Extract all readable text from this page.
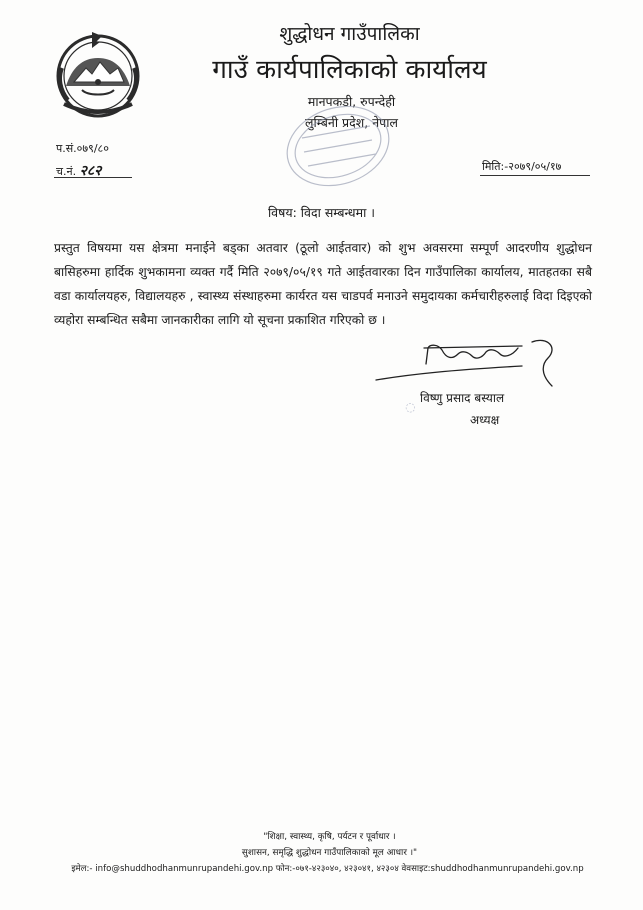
शुद्धोधन गाउँपालिका
गाउँ कार्यपालिकाको कार्यालय
मानपकडी, रुपन्देही
लुम्बिनी प्रदेश, नेपाल
प.सं.०७९/८०
च.नं. २८२	मिति:-२०७९/०५/१७
विषय: विदा सम्बन्धमा ।
प्रस्तुत विषयमा यस क्षेत्रमा मनाईने बड्का अतवार (ठूलो आईतवार) को शुभ अवसरमा सम्पूर्ण आदरणीय शुद्धोधन बासिहरुमा हार्दिक शुभकामना व्यक्त गर्दै मिति २०७९/०५/१९ गते आईतवारका दिन गाउँपालिका कार्यालय, मातहतका सबै वडा कार्यालयहरु, विद्यालयहरु , स्वास्थ्य संस्थाहरुमा कार्यरत यस चाडपर्व मनाउने समुदायका कर्मचारीहरुलाई विदा दिइएको व्यहोरा सम्बन्धित सबैमा जानकारीका लागि यो सूचना प्रकाशित गरिएको छ ।
◌
विष्णु प्रसाद बस्याल
अध्यक्ष
"शिक्षा, स्वास्थ्य, कृषि, पर्यटन र पूर्वाधार ।
सुशासन, समृद्धि शुद्धोधन गाउँपालिकाको मूल आधार ।"
इमेल:- info@shuddhodhanmunrupandehi.gov.np फोन:-०७१-४२३०४०, ४२३०४१, ४२३०४ वेवसाइट:shuddhodhanmunrupandehi.gov.np
